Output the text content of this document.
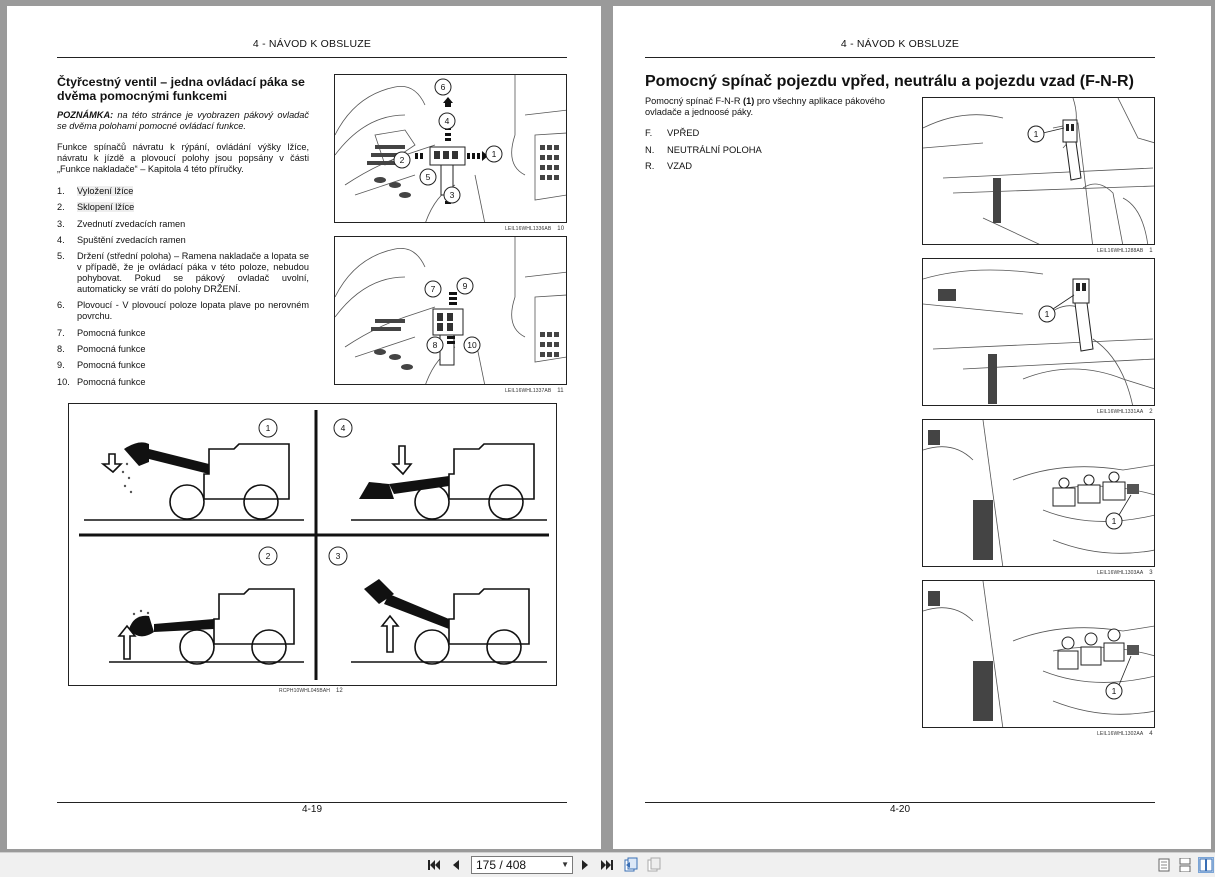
4 - NÁVOD K OBSLUZE
Čtyřcestný ventil – jedna ovládací páka se
dvěma pomocnými funkcemi
POZNÁMKA: na této stránce je vyobrazen pákový ovladač se dvěma polohami pomocné ovládací funkce.
Funkce spínačů návratu k rýpání, ovládání výšky lžíce, návratu k jízdě a plovoucí polohy jsou popsány v části „Funkce nakladače“ – Kapitola 4 této příručky.
1.	Vyložení lžíce
2.	Sklopení lžíce
3.	Zvednutí zvedacích ramen
4.	Spuštění zvedacích ramen
5.	Držení (střední poloha) – Ramena nakladače a lopata se v případě, že je ovládací páka v této poloze, nebudou pohybovat. Pokud se pákový ovladač uvolní, automaticky se vrátí do polohy DRŽENÍ.
6.	Plovoucí - V plovoucí poloze lopata plave po nerovném povrchu.
7.	Pomocná funkce
8.	Pomocná funkce
9.	Pomocná funkce
10. Pomocná funkce
6
4
2
5
3
1
LEIL16WHL1336AB 10
7	9
8	10
LEIL16WHL1337AB 11
1	4
2	3
RCPH10WHL045BAH 12
4-19
4 - NÁVOD K OBSLUZE
Pomocný spínač pojezdu vpřed, neutrálu a pojezdu vzad (F-N-R)
Pomocný spínač F-N-R (1) pro všechny aplikace pákového ovladače a jednoosé páky.
F.	VPŘED
N.	NEUTRÁLNÍ POLOHA
R.	VZAD
1
LEIL16WHL1288AB 1
1
LEIL16WHL1331AA 2
1
LEIL16WHL1303AA 3
1
LEIL16WHL1302AA 4
4-20
175 / 408	▼
